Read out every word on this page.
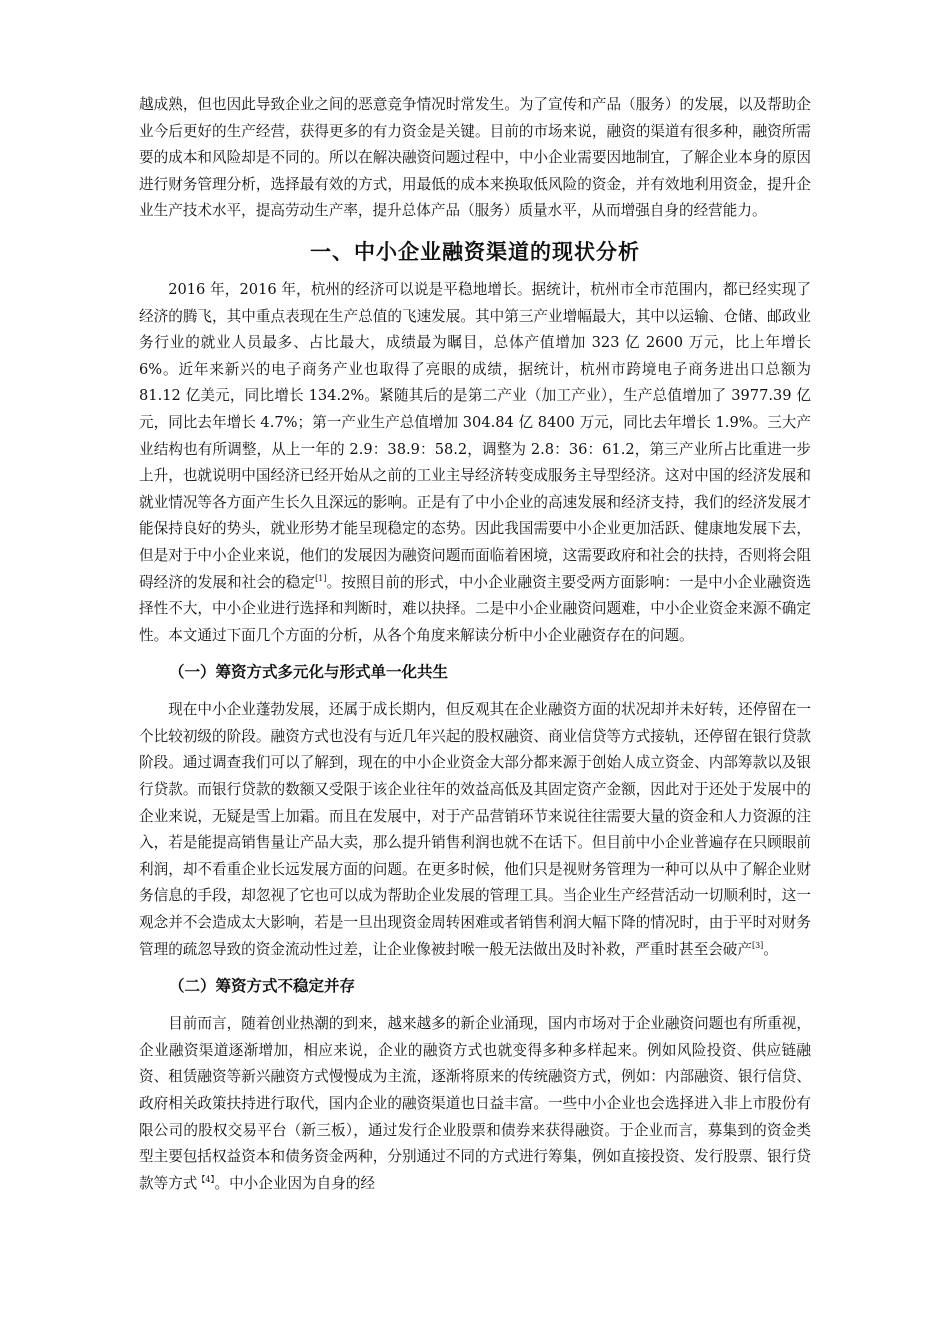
越成熟，但也因此导致企业之间的恶意竞争情况时常发生。为了宣传和产品（服务）的发展，以及帮助企业今后更好的生产经营，获得更多的有力资金是关键。目前的市场来说，融资的渠道有很多种，融资所需要的成本和风险却是不同的。所以在解决融资问题过程中，中小企业需要因地制宜，了解企业本身的原因进行财务管理分析，选择最有效的方式，用最低的成本来换取低风险的资金，并有效地利用资金，提升企业生产技术水平，提高劳动生产率，提升总体产品（服务）质量水平，从而增强自身的经营能力。

一、中小企业融资渠道的现状分析

2016 年，2016 年，杭州的经济可以说是平稳地增长。据统计，杭州市全市范围内，都已经实现了经济的腾飞，其中重点表现在生产总值的飞速发展。其中第三产业增幅最大，其中以运输、仓储、邮政业务行业的就业人员最多、占比最大，成绩最为瞩目，总体产值增加 323 亿 2600 万元，比上年增长 6%。近年来新兴的电子商务产业也取得了亮眼的成绩，据统计，杭州市跨境电子商务进出口总额为 81.12 亿美元，同比增长 134.2%。紧随其后的是第二产业（加工产业），生产总值增加了 3977.39 亿元，同比去年增长 4.7%；第一产业生产总值增加 304.84 亿 8400 万元，同比去年增长 1.9%。三大产业结构也有所调整，从上一年的 2.9：38.9：58.2，调整为 2.8：36：61.2，第三产业所占比重进一步上升，也就说明中国经济已经开始从之前的工业主导经济转变成服务主导型经济。这对中国的经济发展和就业情况等各方面产生长久且深远的影响。正是有了中小企业的高速发展和经济支持，我们的经济发展才能保持良好的势头，就业形势才能呈现稳定的态势。因此我国需要中小企业更加活跃、健康地发展下去，但是对于中小企业来说，他们的发展因为融资问题而面临着困境，这需要政府和社会的扶持，否则将会阻碍经济的发展和社会的稳定[1]。按照目前的形式，中小企业融资主要受两方面影响：一是中小企业融资选择性不大，中小企业进行选择和判断时，难以抉择。二是中小企业融资问题难，中小企业资金来源不确定性。本文通过下面几个方面的分析，从各个角度来解读分析中小企业融资存在的问题。

（一）筹资方式多元化与形式单一化共生

现在中小企业蓬勃发展，还属于成长期内，但反观其在企业融资方面的状况却并未好转，还停留在一个比较初级的阶段。融资方式也没有与近几年兴起的股权融资、商业信贷等方式接轨，还停留在银行贷款阶段。通过调查我们可以了解到，现在的中小企业资金大部分都来源于创始人成立资金、内部筹款以及银行贷款。而银行贷款的数额又受限于该企业往年的效益高低及其固定资产金额，因此对于还处于发展中的企业来说，无疑是雪上加霜。而且在发展中，对于产品营销环节来说往往需要大量的资金和人力资源的注入，若是能提高销售量让产品大卖，那么提升销售利润也就不在话下。但目前中小企业普遍存在只顾眼前利润，却不看重企业长远发展方面的问题。在更多时候，他们只是视财务管理为一种可以从中了解企业财务信息的手段，却忽视了它也可以成为帮助企业发展的管理工具。当企业生产经营活动一切顺利时，这一观念并不会造成太大影响，若是一旦出现资金周转困难或者销售利润大幅下降的情况时，由于平时对财务管理的疏忽导致的资金流动性过差，让企业像被封喉一般无法做出及时补救，严重时甚至会破产[3]。

（二）筹资方式不稳定并存

目前而言，随着创业热潮的到来，越来越多的新企业涌现，国内市场对于企业融资问题也有所重视，企业融资渠道逐渐增加，相应来说，企业的融资方式也就变得多种多样起来。例如风险投资、供应链融资、租赁融资等新兴融资方式慢慢成为主流，逐渐将原来的传统融资方式，例如：内部融资、银行信贷、政府相关政策扶持进行取代，国内企业的融资渠道也日益丰富。一些中小企业也会选择进入非上市股份有限公司的股权交易平台（新三板），通过发行企业股票和债券来获得融资。于企业而言，募集到的资金类型主要包括权益资本和债务资金两种，分别通过不同的方式进行筹集，例如直接投资、发行股票、银行贷款等方式$^{【4】}$。中小企业因为自身的经
